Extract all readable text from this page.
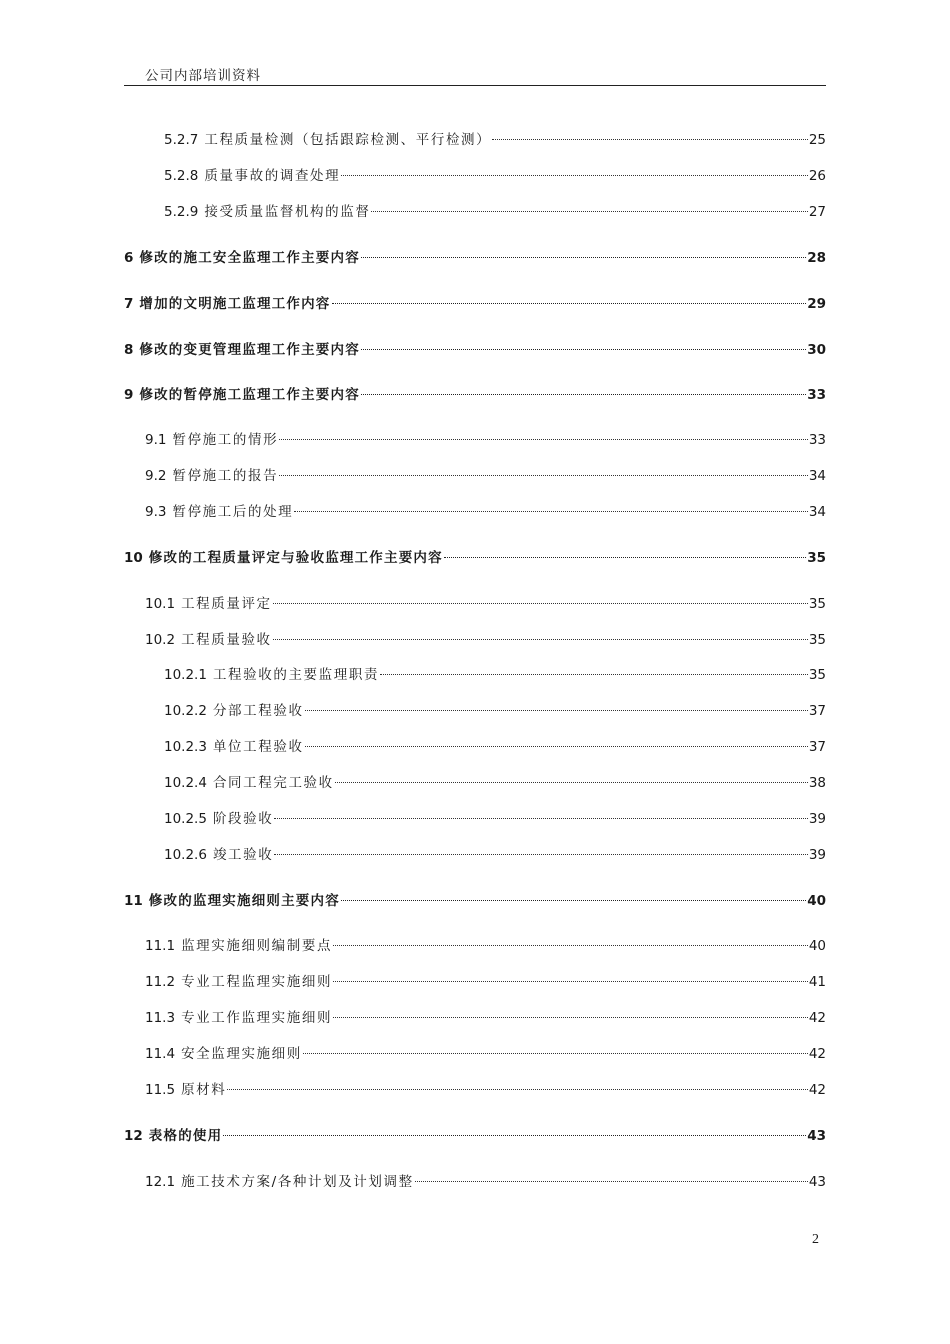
公司内部培训资料
5.2.7 工程质量检测（包括跟踪检测、平行检测）	25
5.2.8 质量事故的调查处理	26
5.2.9 接受质量监督机构的监督	27
6 修改的施工安全监理工作主要内容	28
7 增加的文明施工监理工作内容	29
8 修改的变更管理监理工作主要内容	30
9 修改的暂停施工监理工作主要内容	33
9.1 暂停施工的情形	33
9.2 暂停施工的报告	34
9.3 暂停施工后的处理	34
10 修改的工程质量评定与验收监理工作主要内容	35
10.1 工程质量评定	35
10.2 工程质量验收	35
10.2.1 工程验收的主要监理职责	35
10.2.2 分部工程验收	37
10.2.3 单位工程验收	37
10.2.4 合同工程完工验收	38
10.2.5 阶段验收	39
10.2.6 竣工验收	39
11 修改的监理实施细则主要内容	40
11.1 监理实施细则编制要点	40
11.2 专业工程监理实施细则	41
11.3 专业工作监理实施细则	42
11.4 安全监理实施细则	42
11.5 原材料	42
12 表格的使用	43
12.1 施工技术方案/各种计划及计划调整	43
2
